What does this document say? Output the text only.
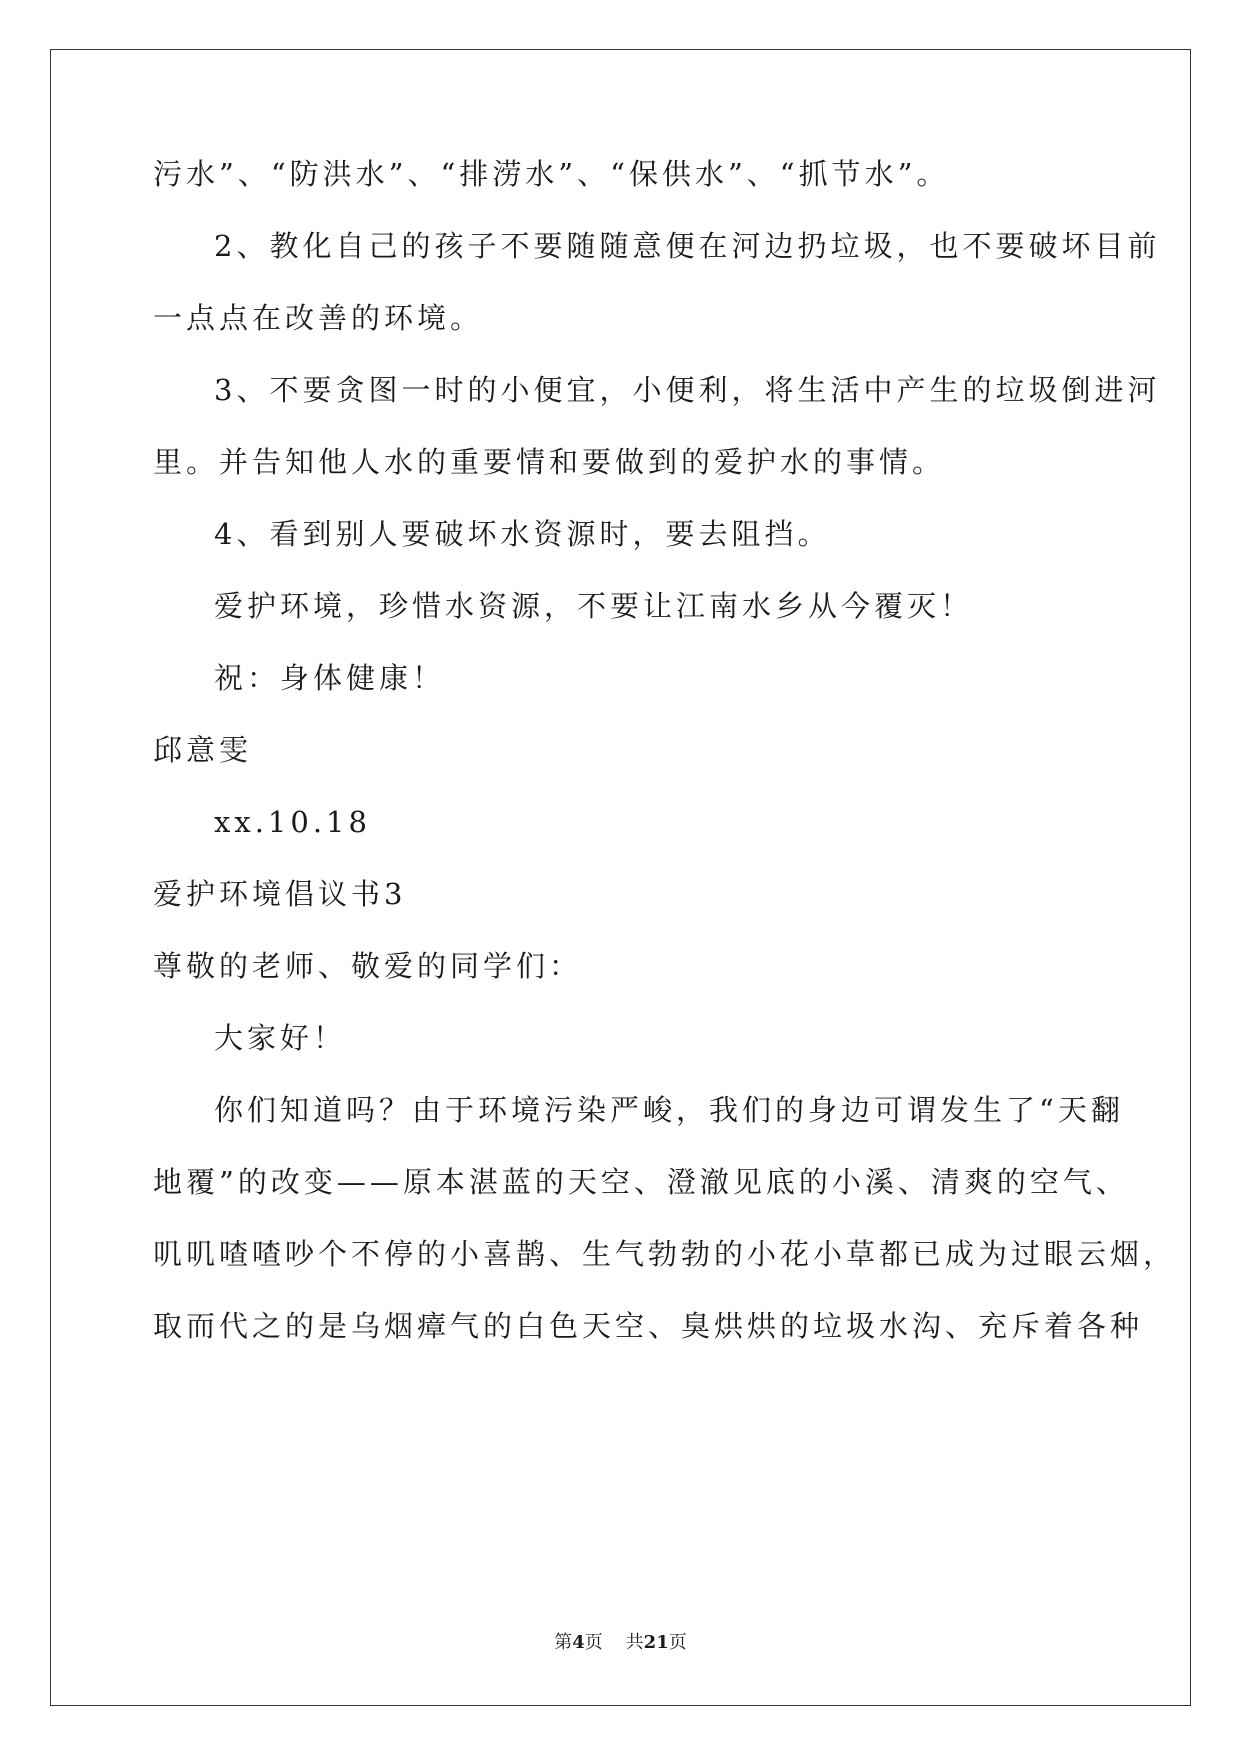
污水”、“防洪水”、“排涝水”、“保供水”、“抓节水”。
2、教化自己的孩子不要随随意便在河边扔垃圾，也不要破坏目前
一点点在改善的环境。
3、不要贪图一时的小便宜，小便利，将生活中产生的垃圾倒进河
里。并告知他人水的重要情和要做到的爱护水的事情。
4、看到别人要破坏水资源时，要去阻挡。
爱护环境，珍惜水资源，不要让江南水乡从今覆灭！
祝：身体健康！
邱意雯
xx.10.18
爱护环境倡议书3
尊敬的老师、敬爱的同学们：
大家好！
你们知道吗？由于环境污染严峻，我们的身边可谓发生了“天翻
地覆”的改变——原本湛蓝的天空、澄澈见底的小溪、清爽的空气、
叽叽喳喳吵个不停的小喜鹊、生气勃勃的小花小草都已成为过眼云烟，
取而代之的是乌烟瘴气的白色天空、臭烘烘的垃圾水沟、充斥着各种
第4页 共21页
